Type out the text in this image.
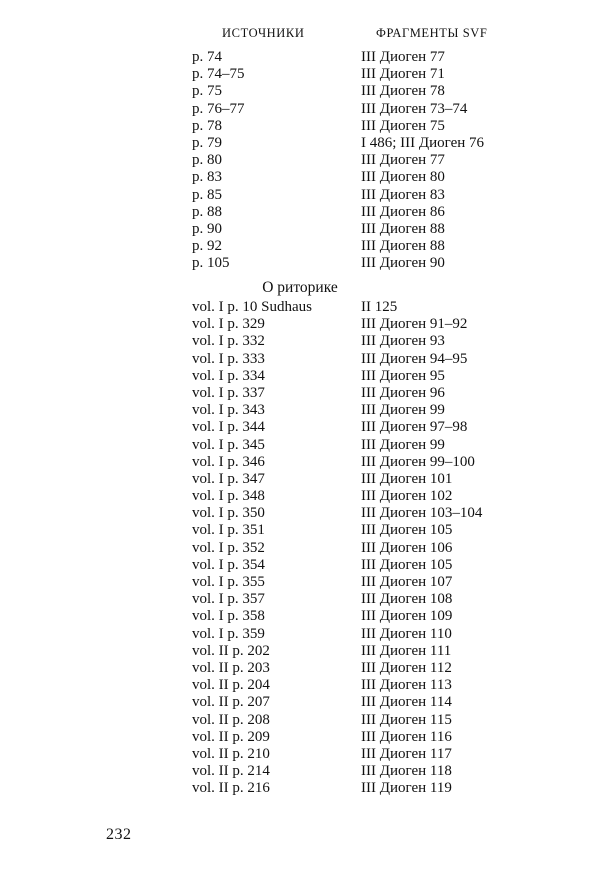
ИСТОЧНИКИ	ФРАГМЕНТЫ SVF
p. 74	III Диоген 77
p. 74–75	III Диоген 71
p. 75	III Диоген 78
p. 76–77	III Диоген 73–74
p. 78	III Диоген 75
p. 79	I 486; III Диоген 76
p. 80	III Диоген 77
p. 83	III Диоген 80
p. 85	III Диоген 83
p. 88	III Диоген 86
p. 90	III Диоген 88
p. 92	III Диоген 88
p. 105	III Диоген 90
О риторике
vol. I p. 10 Sudhaus	II 125
vol. I p. 329	III Диоген 91–92
vol. I p. 332	III Диоген 93
vol. I p. 333	III Диоген 94–95
vol. I p. 334	III Диоген 95
vol. I p. 337	III Диоген 96
vol. I p. 343	III Диоген 99
vol. I p. 344	III Диоген 97–98
vol. I p. 345	III Диоген 99
vol. I p. 346	III Диоген 99–100
vol. I p. 347	III Диоген 101
vol. I p. 348	III Диоген 102
vol. I p. 350	III Диоген 103–104
vol. I p. 351	III Диоген 105
vol. I p. 352	III Диоген 106
vol. I p. 354	III Диоген 105
vol. I p. 355	III Диоген 107
vol. I p. 357	III Диоген 108
vol. I p. 358	III Диоген 109
vol. I p. 359	III Диоген 110
vol. II p. 202	III Диоген 111
vol. II p. 203	III Диоген 112
vol. II p. 204	III Диоген 113
vol. II p. 207	III Диоген 114
vol. II p. 208	III Диоген 115
vol. II p. 209	III Диоген 116
vol. II p. 210	III Диоген 117
vol. II p. 214	III Диоген 118
vol. II p. 216	III Диоген 119
232
